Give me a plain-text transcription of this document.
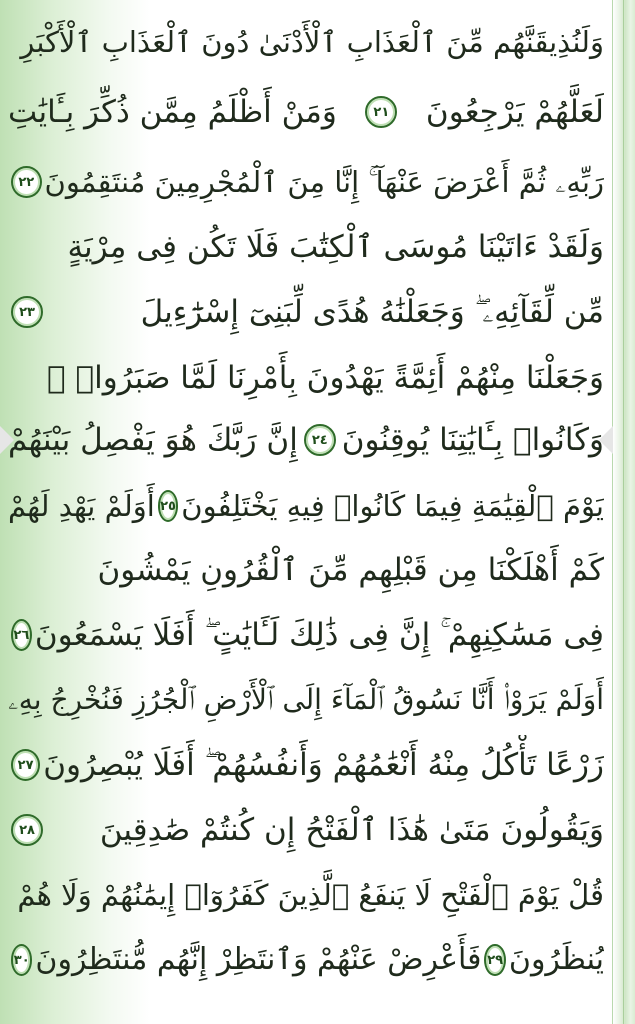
وَلَنُذِيقَنَّهُم مِّنَ ٱلْعَذَابِ ٱلْأَدْنَىٰ دُونَ ٱلْعَذَابِ ٱلْأَكْبَرِ
لَعَلَّهُمْ يَرْجِعُونَ
٢١
وَمَنْ أَظْلَمُ مِمَّن ذُكِّرَ بِـَٔايَٰتِ
رَبِّهِۦ ثُمَّ أَعْرَضَ عَنْهَآ ۚ إِنَّا مِنَ ٱلْمُجْرِمِينَ مُنتَقِمُونَ
٢٢
وَلَقَدْ ءَاتَيْنَا مُوسَى ٱلْكِتَٰبَ فَلَا تَكُن فِى مِرْيَةٍ
مِّن لِّقَآئِهِۦ ۖ وَجَعَلْنَٰهُ هُدًى لِّبَنِىٓ إِسْرَٰٓءِيلَ
٢٣
وَجَعَلْنَا مِنْهُمْ أَئِمَّةً يَهْدُونَ بِأَمْرِنَا لَمَّا صَبَرُوا۟ ۖ
وَكَانُوا۟ بِـَٔايَٰتِنَا يُوقِنُونَ
٢٤
إِنَّ رَبَّكَ هُوَ يَفْصِلُ بَيْنَهُمْ
يَوْمَ ٱلْقِيَٰمَةِ فِيمَا كَانُوا۟ فِيهِ يَخْتَلِفُونَ
٢٥
أَوَلَمْ يَهْدِ لَهُمْ
كَمْ أَهْلَكْنَا مِن قَبْلِهِم مِّنَ ٱلْقُرُونِ يَمْشُونَ
فِى مَسَٰكِنِهِمْ ۚ إِنَّ فِى ذَٰلِكَ لَـَٔايَٰتٍ ۖ أَفَلَا يَسْمَعُونَ
٢٦
أَوَلَمْ يَرَوْا۟ أَنَّا نَسُوقُ ٱلْمَآءَ إِلَى ٱلْأَرْضِ ٱلْجُرُزِ فَنُخْرِجُ بِهِۦ
زَرْعًا تَأْكُلُ مِنْهُ أَنْعَٰمُهُمْ وَأَنفُسُهُمْ ۖ أَفَلَا يُبْصِرُونَ
٢٧
وَيَقُولُونَ مَتَىٰ هَٰذَا ٱلْفَتْحُ إِن كُنتُمْ صَٰدِقِينَ
٢٨
قُلْ يَوْمَ ٱلْفَتْحِ لَا يَنفَعُ ٱلَّذِينَ كَفَرُوٓا۟ إِيمَٰنُهُمْ وَلَا هُمْ
يُنظَرُونَ
٢٩
فَأَعْرِضْ عَنْهُمْ وَٱنتَظِرْ إِنَّهُم مُّنتَظِرُونَ
٣٠
